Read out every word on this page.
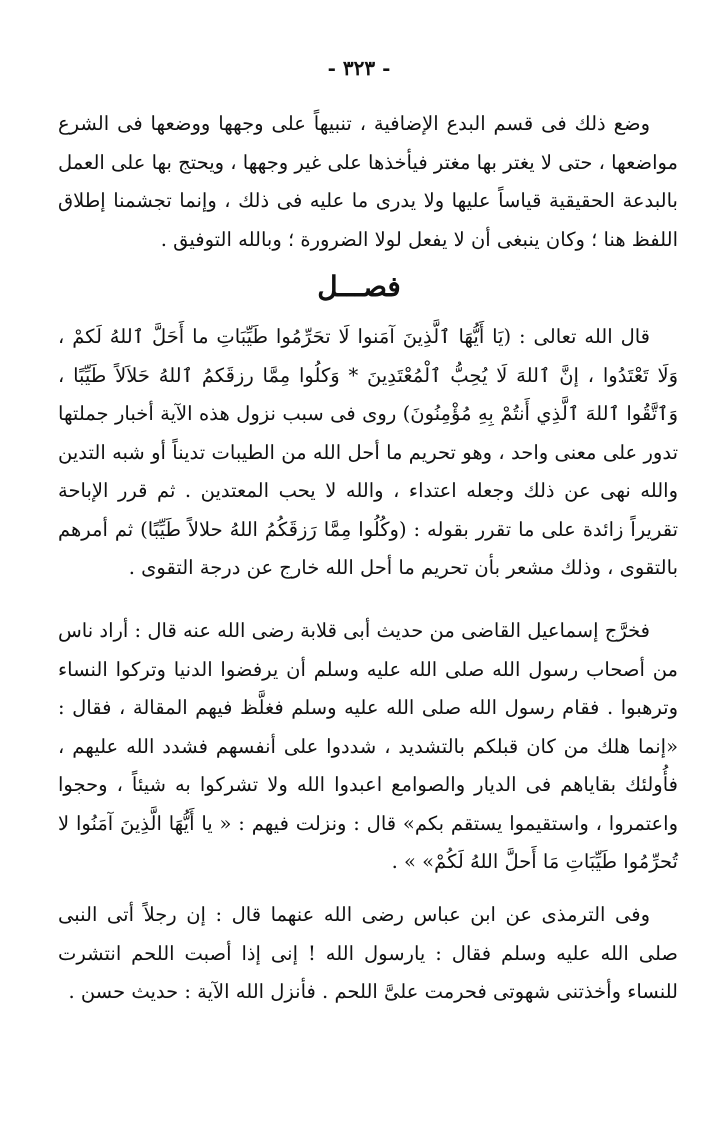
- ٣٢٣ -

وضع ذلك فى قسم البدع الإضافية ، تنبيهاً على وجهها ووضعها فى الشرع مواضعها ، حتى لا يغتر بها مغتر فيأخذها على غير وجهها ، ويحتج بها على العمل بالبدعة الحقيقية قياساً عليها ولا يدرى ما عليه فى ذلك ، وإنما تجشمنا إطلاق اللفظ هنا ؛ وكان ينبغى أن لا يفعل لولا الضرورة ؛ وبالله التوفيق .

فصـــل

قال الله تعالى : (يَا أَيُّهَا ٱلَّذِينَ آمَنوا لَا تحَرِّمُوا طَيِّبَاتِ ما أَحَلَّ ٱللهُ لَكمْ ، وَلَا تَعْتَدُوا ، إنَّ ٱللهَ لَا يُحِبُّ ٱلْمُعْتَدِينَ * وَكلُوا مِمَّا رزقَكمُ ٱللهُ حَلاَلاً طَيِّبًا ، وَٱتَّقُوا ٱللهَ ٱلَّذِي أَنتُمْ بِهِ مُؤْمِنُونَ) روى فى سبب نزول هذه الآية أخبار جملتها تدور على معنى واحد ، وهو تحريم ما أحل الله من الطيبات تديناً أو شبه التدين والله نهى عن ذلك وجعله اعتداء ، والله لا يحب المعتدين . ثم قرر الإباحة تقريراً زائدة على ما تقرر بقوله : (وكُلُوا مِمَّا رَزقَكُمُ اللهُ حلالاً طَيِّبًا) ثم أمرهم بالتقوى ، وذلك مشعر بأن تحريم ما أحل الله خارج عن درجة التقوى .

فخرَّج إسماعيل القاضى من حديث أبى قلابة رضى الله عنه قال : أراد ناس من أصحاب رسول الله صلى الله عليه وسلم أن يرفضوا الدنيا وتركوا النساء وترهبوا . فقام رسول الله صلى الله عليه وسلم فغلَّظ فيهم المقالة ، فقال : «إنما هلك من كان قبلكم بالتشديد ، شددوا على أنفسهم فشدد الله عليهم ، فأُولئك بقاياهم فى الديار والصوامع اعبدوا الله ولا تشركوا به شيئاً ، وحجوا واعتمروا ، واستقيموا يستقم بكم» قال : ونزلت فيهم : « يا أَيُّهَا الَّذِينَ آمَنُوا لا تُحرِّمُوا طَيِّبَاتِ مَا أَحلَّ اللهُ لَكُمْ» » .

وفى الترمذى عن ابن عباس رضى الله عنهما قال : إن رجلاً أتى النبى صلى الله عليه وسلم فقال : يارسول الله ! إنى إذا أصبت اللحم انتشرت للنساء وأخذتنى شهوتى فحرمت علىَّ اللحم . فأنزل الله الآية : حديث حسن .
